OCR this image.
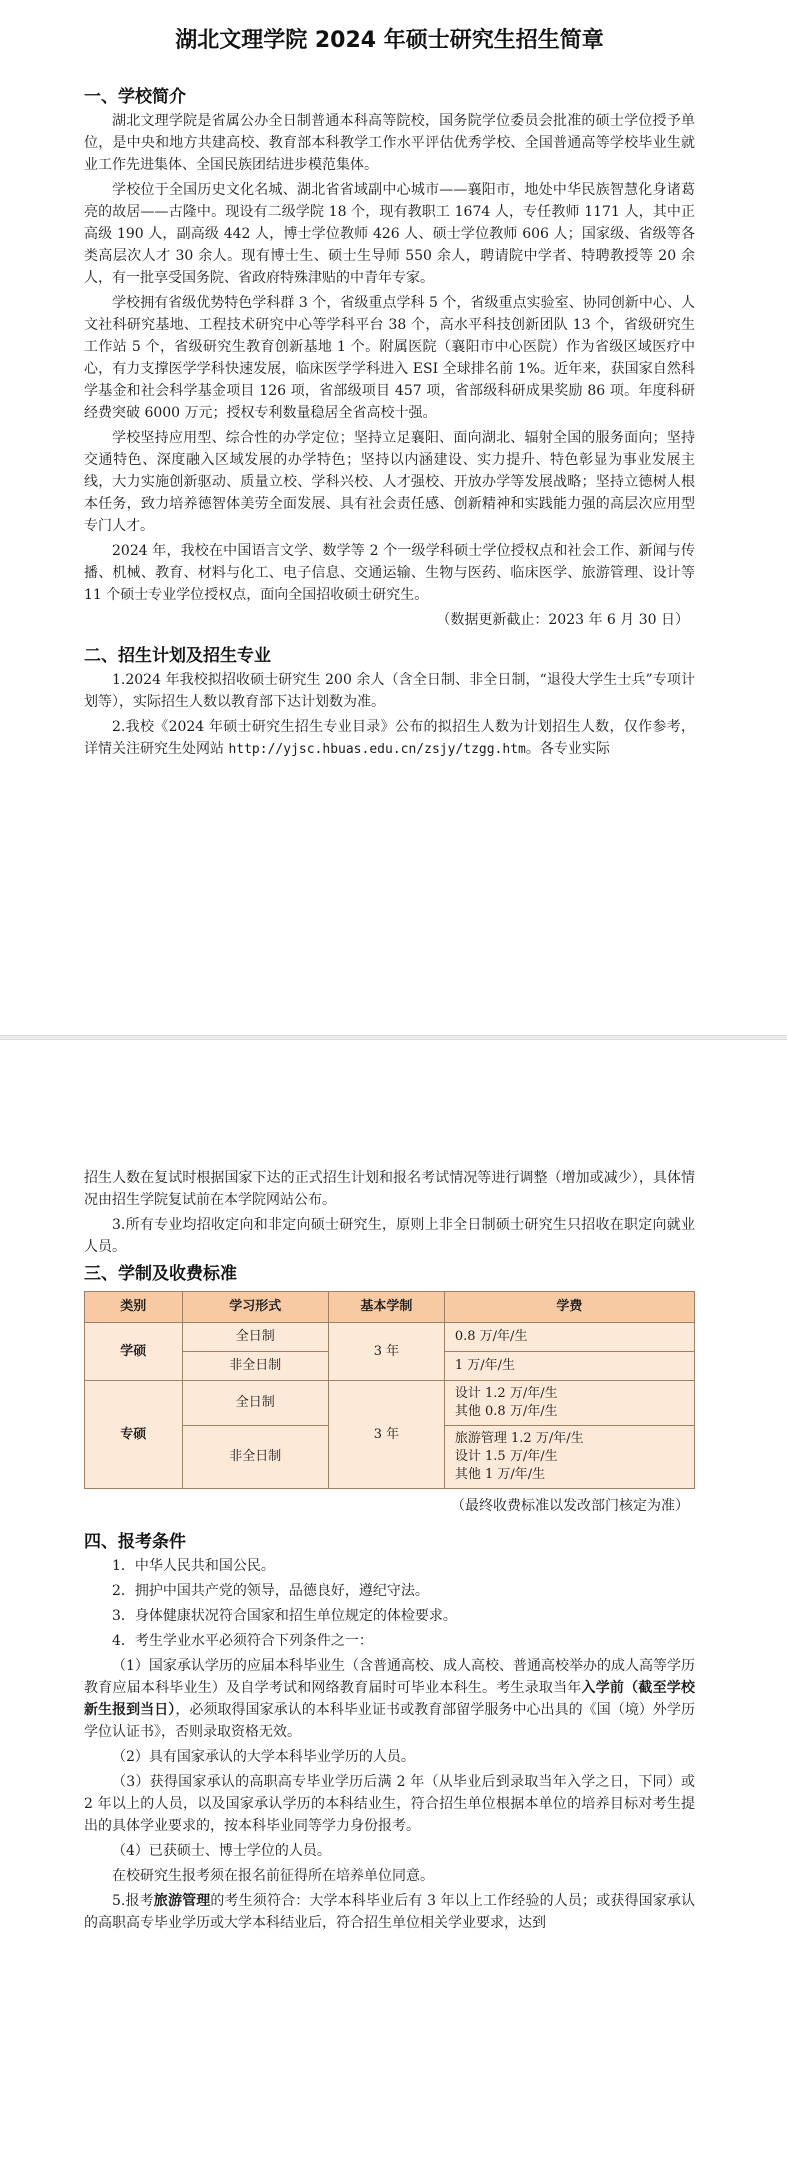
湖北文理学院 2024 年硕士研究生招生简章
一、学校简介

湖北文理学院是省属公办全日制普通本科高等院校，国务院学位委员会批准的硕士学位授予单位，是中央和地方共建高校、教育部本科教学工作水平评估优秀学校、全国普通高等学校毕业生就业工作先进集体、全国民族团结进步模范集体。

学校位于全国历史文化名城、湖北省省域副中心城市——襄阳市，地处中华民族智慧化身诸葛亮的故居——古隆中。现设有二级学院 18 个，现有教职工 1674 人，专任教师 1171 人，其中正高级 190 人，副高级 442 人，博士学位教师 426 人、硕士学位教师 606 人；国家级、省级等各类高层次人才 30 余人。现有博士生、硕士生导师 550 余人，聘请院中学者、特聘教授等 20 余人，有一批享受国务院、省政府特殊津贴的中青年专家。

学校拥有省级优势特色学科群 3 个，省级重点学科 5 个，省级重点实验室、协同创新中心、人文社科研究基地、工程技术研究中心等学科平台 38 个，高水平科技创新团队 13 个，省级研究生工作站 5 个，省级研究生教育创新基地 1 个。附属医院（襄阳市中心医院）作为省级区域医疗中心，有力支撑医学学科快速发展，临床医学学科进入 ESI 全球排名前 1%。近年来，获国家自然科学基金和社会科学基金项目 126 项，省部级项目 457 项，省部级科研成果奖励 86 项。年度科研经费突破 6000 万元；授权专利数量稳居全省高校十强。

学校坚持应用型、综合性的办学定位；坚持立足襄阳、面向湖北、辐射全国的服务面向；坚持交通特色、深度融入区域发展的办学特色；坚持以内涵建设、实力提升、特色彰显为事业发展主线，大力实施创新驱动、质量立校、学科兴校、人才强校、开放办学等发展战略；坚持立德树人根本任务，致力培养德智体美劳全面发展、具有社会责任感、创新精神和实践能力强的高层次应用型专门人才。

2024 年，我校在中国语言文学、数学等 2 个一级学科硕士学位授权点和社会工作、新闻与传播、机械、教育、材料与化工、电子信息、交通运输、生物与医药、临床医学、旅游管理、设计等 11 个硕士专业学位授权点，面向全国招收硕士研究生。

（数据更新截止：2023 年 6 月 30 日）

二、招生计划及招生专业

1.2024 年我校拟招收硕士研究生 200 余人（含全日制、非全日制，“退役大学生士兵”专项计划等），实际招生人数以教育部下达计划数为准。

2.我校《2024 年硕士研究生招生专业目录》公布的拟招生人数为计划招生人数，仅作参考，详情关注研究生处网站 http://yjsc.hbuas.edu.cn/zsjy/tzgg.htm。各专业实际

招生人数在复试时根据国家下达的正式招生计划和报名考试情况等进行调整（增加或减少），具体情况由招生学院复试前在本学院网站公布。

3.所有专业均招收定向和非定向硕士研究生，原则上非全日制硕士研究生只招收在职定向就业人员。

三、学制及收费标准
类别	学习形式	基本学制	学费
学硕	全日制	3 年	0.8 万/年/生
	非全日制		1 万/年/生
专硕	全日制	3 年	设计 1.2 万/年/生
其他 0.8 万/年/生

	非全日制		旅游管理 1.2 万/年/生
设计 1.5 万/年/生
其他 1 万/年/生

（最终收费标准以发改部门核定为准）

四、报考条件

1．中华人民共和国公民。

2．拥护中国共产党的领导，品德良好，遵纪守法。

3．身体健康状况符合国家和招生单位规定的体检要求。

4．考生学业水平必须符合下列条件之一：

（1）国家承认学历的应届本科毕业生（含普通高校、成人高校、普通高校举办的成人高等学历教育应届本科毕业生）及自学考试和网络教育届时可毕业本科生。考生录取当年入学前（截至学校新生报到当日），必须取得国家承认的本科毕业证书或教育部留学服务中心出具的《国（境）外学历学位认证书》，否则录取资格无效。

（2）具有国家承认的大学本科毕业学历的人员。

（3）获得国家承认的高职高专毕业学历后满 2 年（从毕业后到录取当年入学之日，下同）或 2 年以上的人员，以及国家承认学历的本科结业生，符合招生单位根据本单位的培养目标对考生提出的具体学业要求的，按本科毕业同等学力身份报考。

（4）已获硕士、博士学位的人员。

在校研究生报考须在报名前征得所在培养单位同意。

5.报考旅游管理的考生须符合：大学本科毕业后有 3 年以上工作经验的人员；或获得国家承认的高职高专毕业学历或大学本科结业后，符合招生单位相关学业要求，达到
